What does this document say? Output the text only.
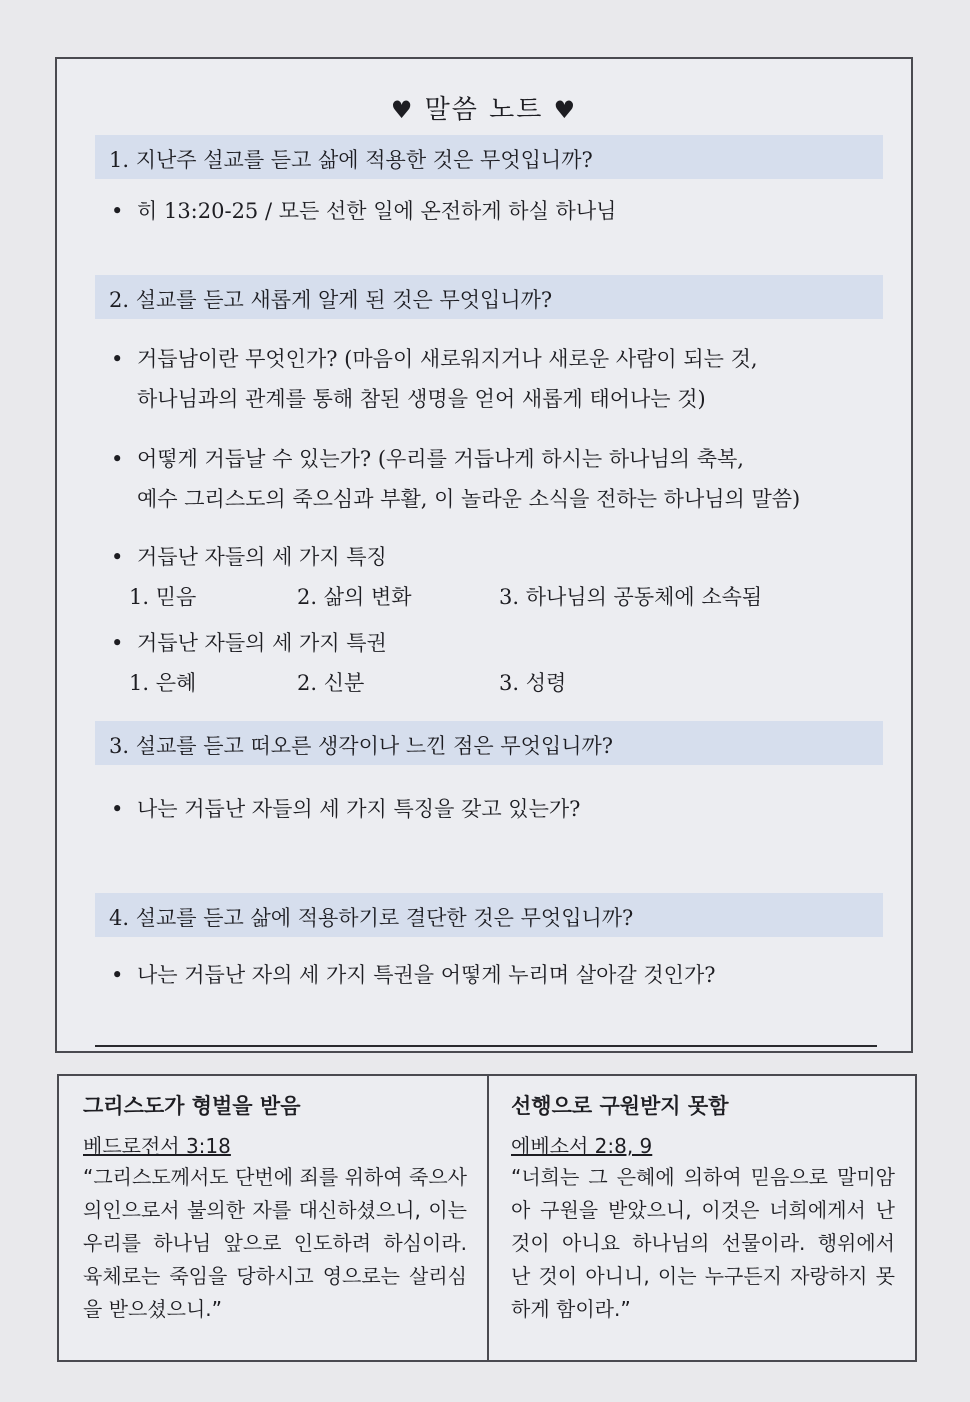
♥ 말씀 노트 ♥
1. 지난주 설교를 듣고 삶에 적용한 것은 무엇입니까?
• 히 13:20-25 / 모든 선한 일에 온전하게 하실 하나님
2. 설교를 듣고 새롭게 알게 된 것은 무엇입니까?
• 거듭남이란 무엇인가? (마음이 새로워지거나 새로운 사람이 되는 것,
하나님과의 관계를 통해 참된 생명을 얻어 새롭게 태어나는 것)
• 어떻게 거듭날 수 있는가? (우리를 거듭나게 하시는 하나님의 축복,
예수 그리스도의 죽으심과 부활, 이 놀라운 소식을 전하는 하나님의 말씀)
• 거듭난 자들의 세 가지 특징
1. 믿음	2. 삶의 변화	3. 하나님의 공동체에 소속됨
• 거듭난 자들의 세 가지 특권
1. 은혜	2. 신분	3. 성령
3. 설교를 듣고 떠오른 생각이나 느낀 점은 무엇입니까?
• 나는 거듭난 자들의 세 가지 특징을 갖고 있는가?
4. 설교를 듣고 삶에 적용하기로 결단한 것은 무엇입니까?
• 나는 거듭난 자의 세 가지 특권을 어떻게 누리며 살아갈 것인가?
그리스도가 형벌을 받음
베드로전서 3:18
“그리스도께서도 단번에 죄를 위하여 죽으사 의인으로서 불의한 자를 대신하셨으니, 이는 우리를 하나님 앞으로 인도하려 하심이라. 육체로는 죽임을 당하시고 영으로는 살리심을 받으셨으니.”
선행으로 구원받지 못함
에베소서 2:8, 9
“너희는 그 은혜에 의하여 믿음으로 말미암아 구원을 받았으니, 이것은 너희에게서 난 것이 아니요 하나님의 선물이라. 행위에서 난 것이 아니니, 이는 누구든지 자랑하지 못하게 함이라.”
